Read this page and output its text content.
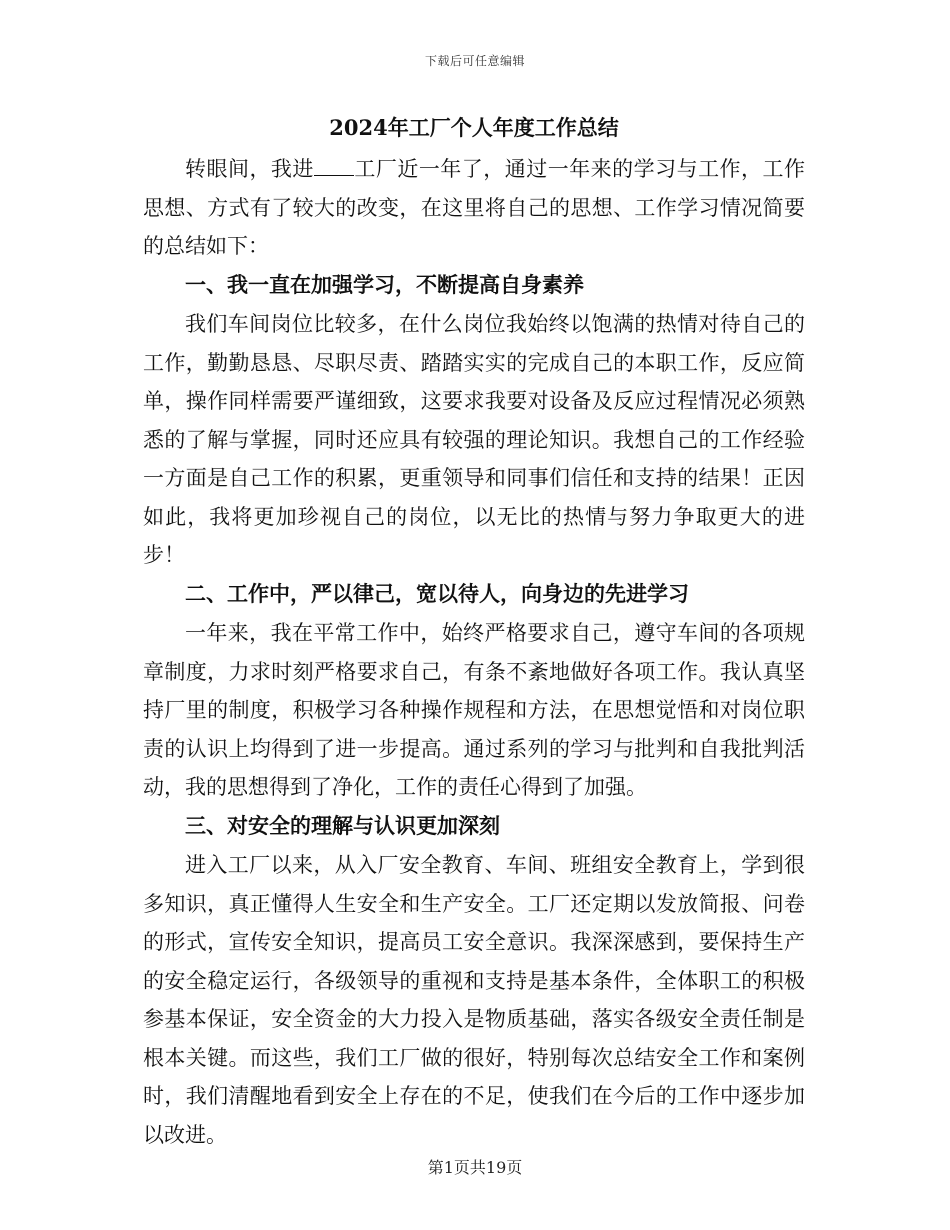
下载后可任意编辑
2024年工厂个人年度工作总结

转眼间，我进 工厂近一年了，通过一年来的学习与工作，工作思想、方式有了较大的改变，在这里将自己的思想、工作学习情况简要的总结如下：

一、我一直在加强学习，不断提高自身素养

我们车间岗位比较多，在什么岗位我始终以饱满的热情对待自己的工作，勤勤恳恳、尽职尽责、踏踏实实的完成自己的本职工作，反应简单，操作同样需要严谨细致，这要求我要对设备及反应过程情况必须熟悉的了解与掌握，同时还应具有较强的理论知识。我想自己的工作经验一方面是自己工作的积累，更重领导和同事们信任和支持的结果！正因如此，我将更加珍视自己的岗位，以无比的热情与努力争取更大的进步！

二、工作中，严以律己，宽以待人，向身边的先进学习

一年来，我在平常工作中，始终严格要求自己，遵守车间的各项规章制度，力求时刻严格要求自己，有条不紊地做好各项工作。我认真坚持厂里的制度，积极学习各种操作规程和方法，在思想觉悟和对岗位职责的认识上均得到了进一步提高。通过系列的学习与批判和自我批判活动，我的思想得到了净化，工作的责任心得到了加强。

三、对安全的理解与认识更加深刻

进入工厂以来，从入厂安全教育、车间、班组安全教育上，学到很多知识，真正懂得人生安全和生产安全。工厂还定期以发放简报、问卷的形式，宣传安全知识，提高员工安全意识。我深深感到，要保持生产的安全稳定运行，各级领导的重视和支持是基本条件，全体职工的积极参基本保证，安全资金的大力投入是物质基础，落实各级安全责任制是根本关键。而这些，我们工厂做的很好，特别每次总结安全工作和案例时，我们清醒地看到安全上存在的不足，使我们在今后的工作中逐步加以改进。

第1页共19页
